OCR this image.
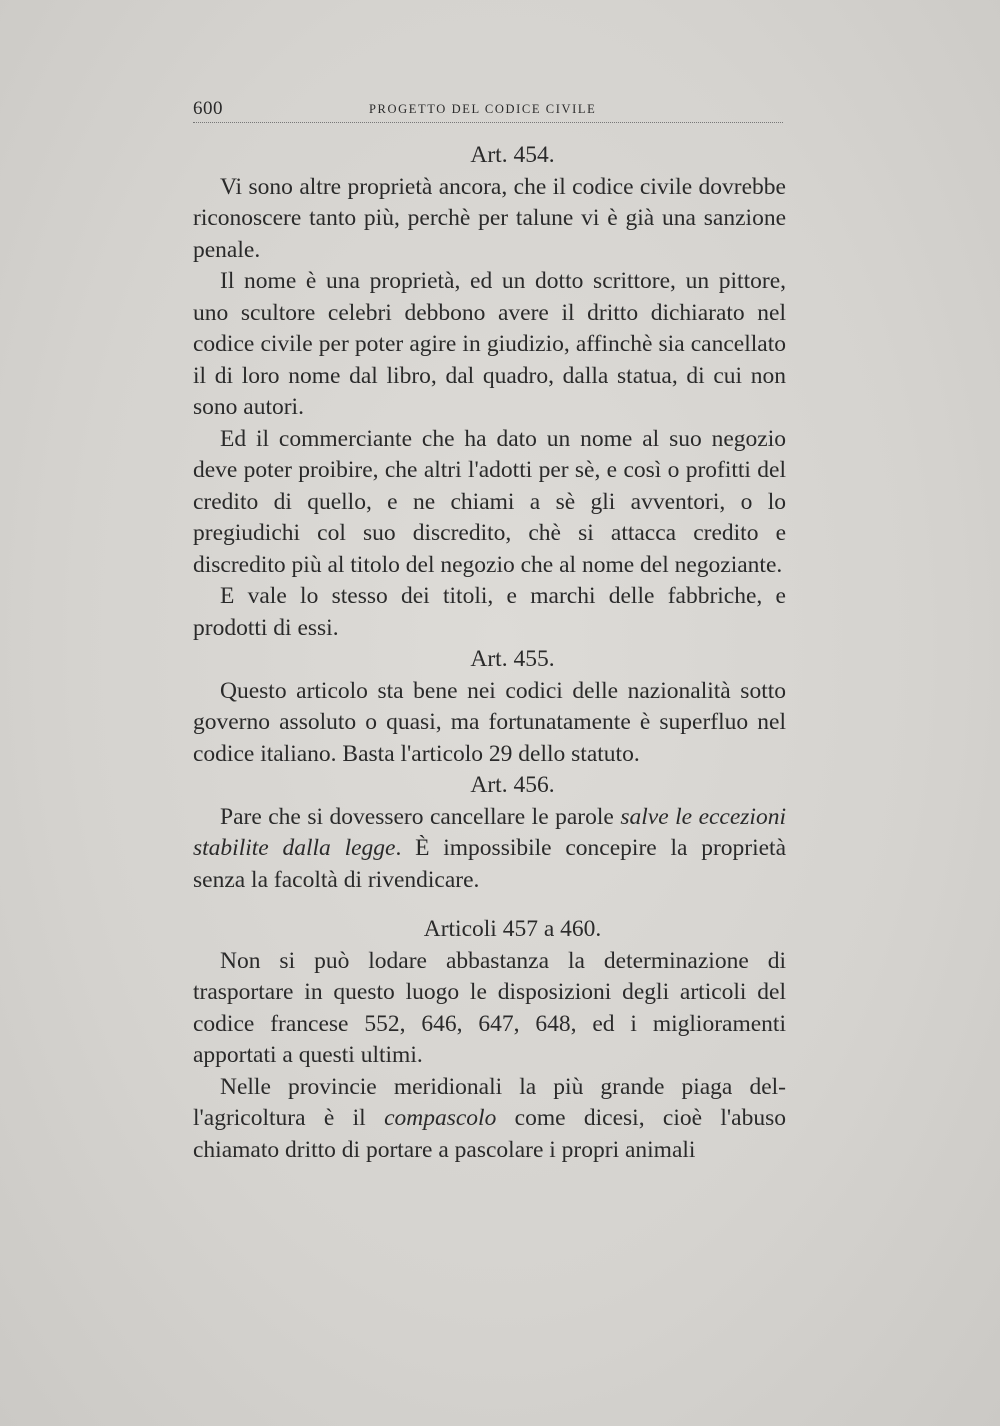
600	PROGETTO DEL CODICE CIVILE

Art. 454.

Vi sono altre proprietà ancora, che il codice civile dovrebbe riconoscere tanto più, perchè per talune vi è già una sanzione penale.

Il nome è una proprietà, ed un dotto scrittore, un pittore, uno scultore celebri debbono avere il dritto dichiarato nel codice civile per poter agire in giudizio, affinchè sia cancellato il di loro nome dal libro, dal quadro, dalla statua, di cui non sono autori.

Ed il commerciante che ha dato un nome al suo negozio deve poter proibire, che altri l'adotti per sè, e così o profitti del credito di quello, e ne chiami a sè gli avventori, o lo pregiudichi col suo discredito, chè si attacca credito e discredito più al titolo del negozio che al nome del negoziante.

E vale lo stesso dei titoli, e marchi delle fabbriche, e prodotti di essi.

Art. 455.

Questo articolo sta bene nei codici delle nazionalità sotto governo assoluto o quasi, ma fortunatamente è superfluo nel codice italiano. Basta l'articolo 29 dello statuto.

Art. 456.

Pare che si dovessero cancellare le parole salve le eccezioni stabilite dalla legge. È impossibile concepire la proprietà senza la facoltà di rivendicare.

Articoli 457 a 460.

Non si può lodare abbastanza la determinazione di trasportare in questo luogo le disposizioni degli articoli del codice francese 552, 646, 647, 648, ed i miglioramenti apportati a questi ultimi.

Nelle provincie meridionali la più grande piaga dell'agricoltura è il compascolo come dicesi, cioè l'abuso chiamato dritto di portare a pascolare i propri animali
